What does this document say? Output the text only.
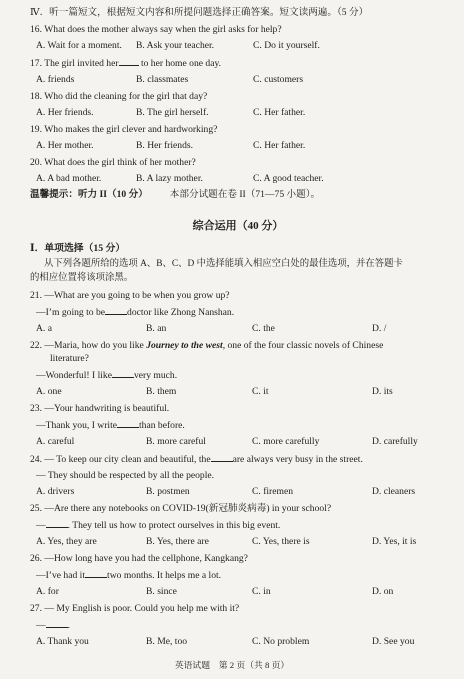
Ⅳ．听一篇短文，根据短文内容和所提问题选择正确答案。短文读两遍。（5 分）
16. What does the mother always say when the girl asks for help?
A. Wait for a moment.	B. Ask your teacher.	C. Do it yourself.
17. The girl invited her to her home one day.
A. friends	B. classmates	C. customers
18. Who did the cleaning for the girl that day?
A. Her friends.	B. The girl herself.	C. Her father.
19. Who makes the girl clever and hardworking?
A. Her mother.	B. Her friends.	C. Her father.
20. What does the girl think of her mother?
A. A bad mother.	B. A lazy mother.	C. A good teacher.
温馨提示：听力 II（10 分） 本部分试题在卷 II（71—75 小题）。
综合运用（40 分）
Ⅰ．单项选择（15 分）
从下列各题所给的选项 A、B、C、D 中选择能填入相应空白处的最佳选项，并在答题卡
的相应位置将该项涂黑。
21. —What are you going to be when you grow up?
—I’m going to be doctor like Zhong Nanshan.
A. a	B. an	C. the	D. /
22. —Maria, how do you like Journey to the west, one of the four classic novels of Chinese
literature?
—Wonderful! I like very much.
A. one	B. them	C. it	D. its
23. —Your handwriting is beautiful.
—Thank you, I write than before.
A. careful	B. more careful	C. more carefully	D. carefully
24. — To keep our city clean and beautiful, the are always very busy in the street.
— They should be respected by all the people.
A. drivers	B. postmen	C. firemen	D. cleaners
25. —Are there any notebooks on COVID-19(新冠肺炎病毒) in your school?
— . They tell us how to protect ourselves in this big event.
A. Yes, they are	B. Yes, there are	C. Yes, there is	D. Yes, it is
26. —How long have you had the cellphone, Kangkang?
—I’ve had it two months. It helps me a lot.
A. for	B. since	C. in	D. on
27. — My English is poor. Could you help me with it?
— .
A. Thank you	B. Me, too	C. No problem	D. See you
英语试题　第 2 页（共 8 页）
